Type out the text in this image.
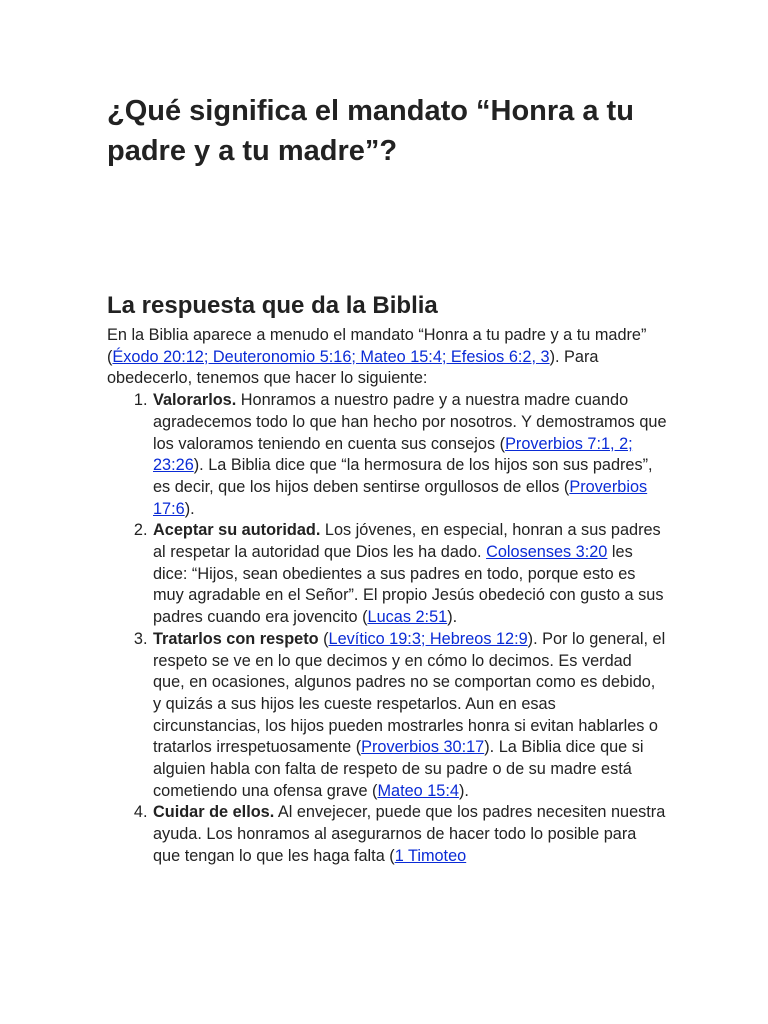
¿Qué significa el mandato “Honra a tu padre y a tu madre”?
La respuesta que da la Biblia

En la Biblia aparece a menudo el mandato “Honra a tu padre y a tu madre” (Éxodo 20:12; Deuteronomio 5:16; Mateo 15:4; Efesios 6:2, 3). Para obedecerlo, tenemos que hacer lo siguiente:

1. Valorarlos. Honramos a nuestro padre y a nuestra madre cuando agradecemos todo lo que han hecho por nosotros. Y demostramos que los valoramos teniendo en cuenta sus consejos (Proverbios 7:1, 2; 23:26). La Biblia dice que “la hermosura de los hijos son sus padres”, es decir, que los hijos deben sentirse orgullosos de ellos (Proverbios 17:6).
2. Aceptar su autoridad. Los jóvenes, en especial, honran a sus padres al respetar la autoridad que Dios les ha dado. Colosenses 3:20 les dice: “Hijos, sean obedientes a sus padres en todo, porque esto es muy agradable en el Señor”. El propio Jesús obedeció con gusto a sus padres cuando era jovencito (Lucas 2:51).
3. Tratarlos con respeto (Levítico 19:3; Hebreos 12:9). Por lo general, el respeto se ve en lo que decimos y en cómo lo decimos. Es verdad que, en ocasiones, algunos padres no se comportan como es debido, y quizás a sus hijos les cueste respetarlos. Aun en esas circunstancias, los hijos pueden mostrarles honra si evitan hablarles o tratarlos irrespetuosamente (Proverbios 30:17). La Biblia dice que si alguien habla con falta de respeto de su padre o de su madre está cometiendo una ofensa grave (Mateo 15:4).
4. Cuidar de ellos. Al envejecer, puede que los padres necesiten nuestra ayuda. Los honramos al asegurarnos de hacer todo lo posible para que tengan lo que les haga falta (1 Timoteo
